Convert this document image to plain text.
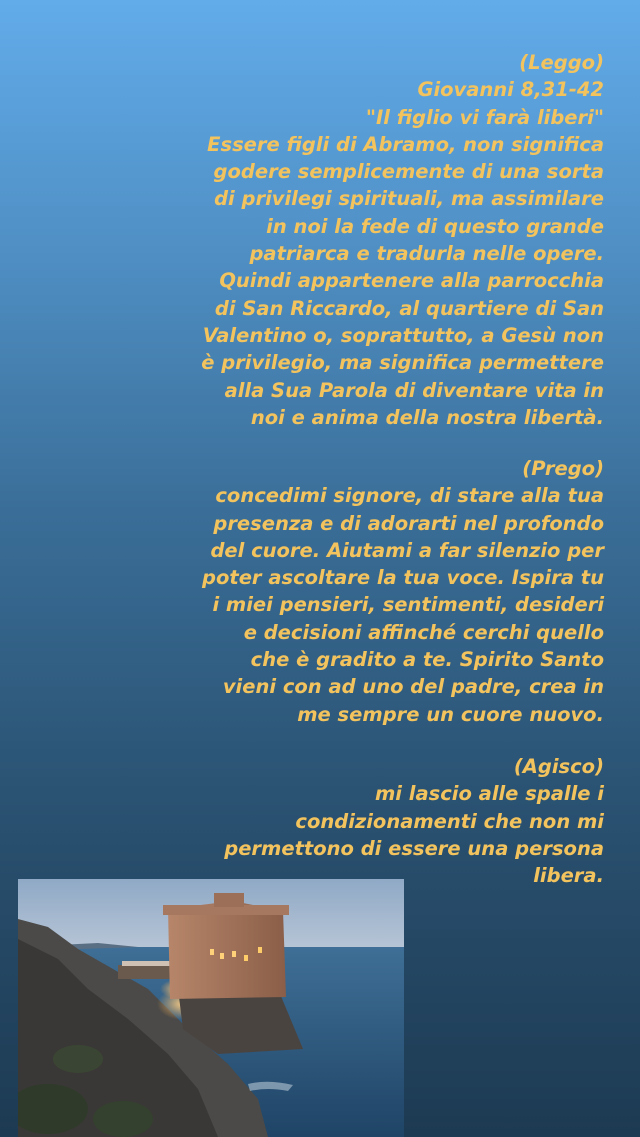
(Leggo)
Giovanni 8,31-42
"Il figlio vi farà liberi"
Essere figli di Abramo, non significa
godere semplicemente di una sorta
di privilegi spirituali, ma assimilare
in noi la fede di questo grande
patriarca e tradurla nelle opere.
Quindi appartenere alla parrocchia
di San Riccardo, al quartiere di San
Valentino o, soprattutto, a Gesù non
è privilegio, ma significa permettere
alla Sua Parola di diventare vita in
noi e anima della nostra libertà.
(Prego)
concedimi signore, di stare alla tua
presenza e di adorarti nel profondo
del cuore. Aiutami a far silenzio per
poter ascoltare la tua voce. Ispira tu
i miei pensieri, sentimenti, desideri
e decisioni affinché cerchi quello
che è gradito a te. Spirito Santo
vieni con ad uno del padre, crea in
me sempre un cuore nuovo.
(Agisco)
mi lascio alle spalle i
condizionamenti che non mi
permettono di essere una persona
libera.
